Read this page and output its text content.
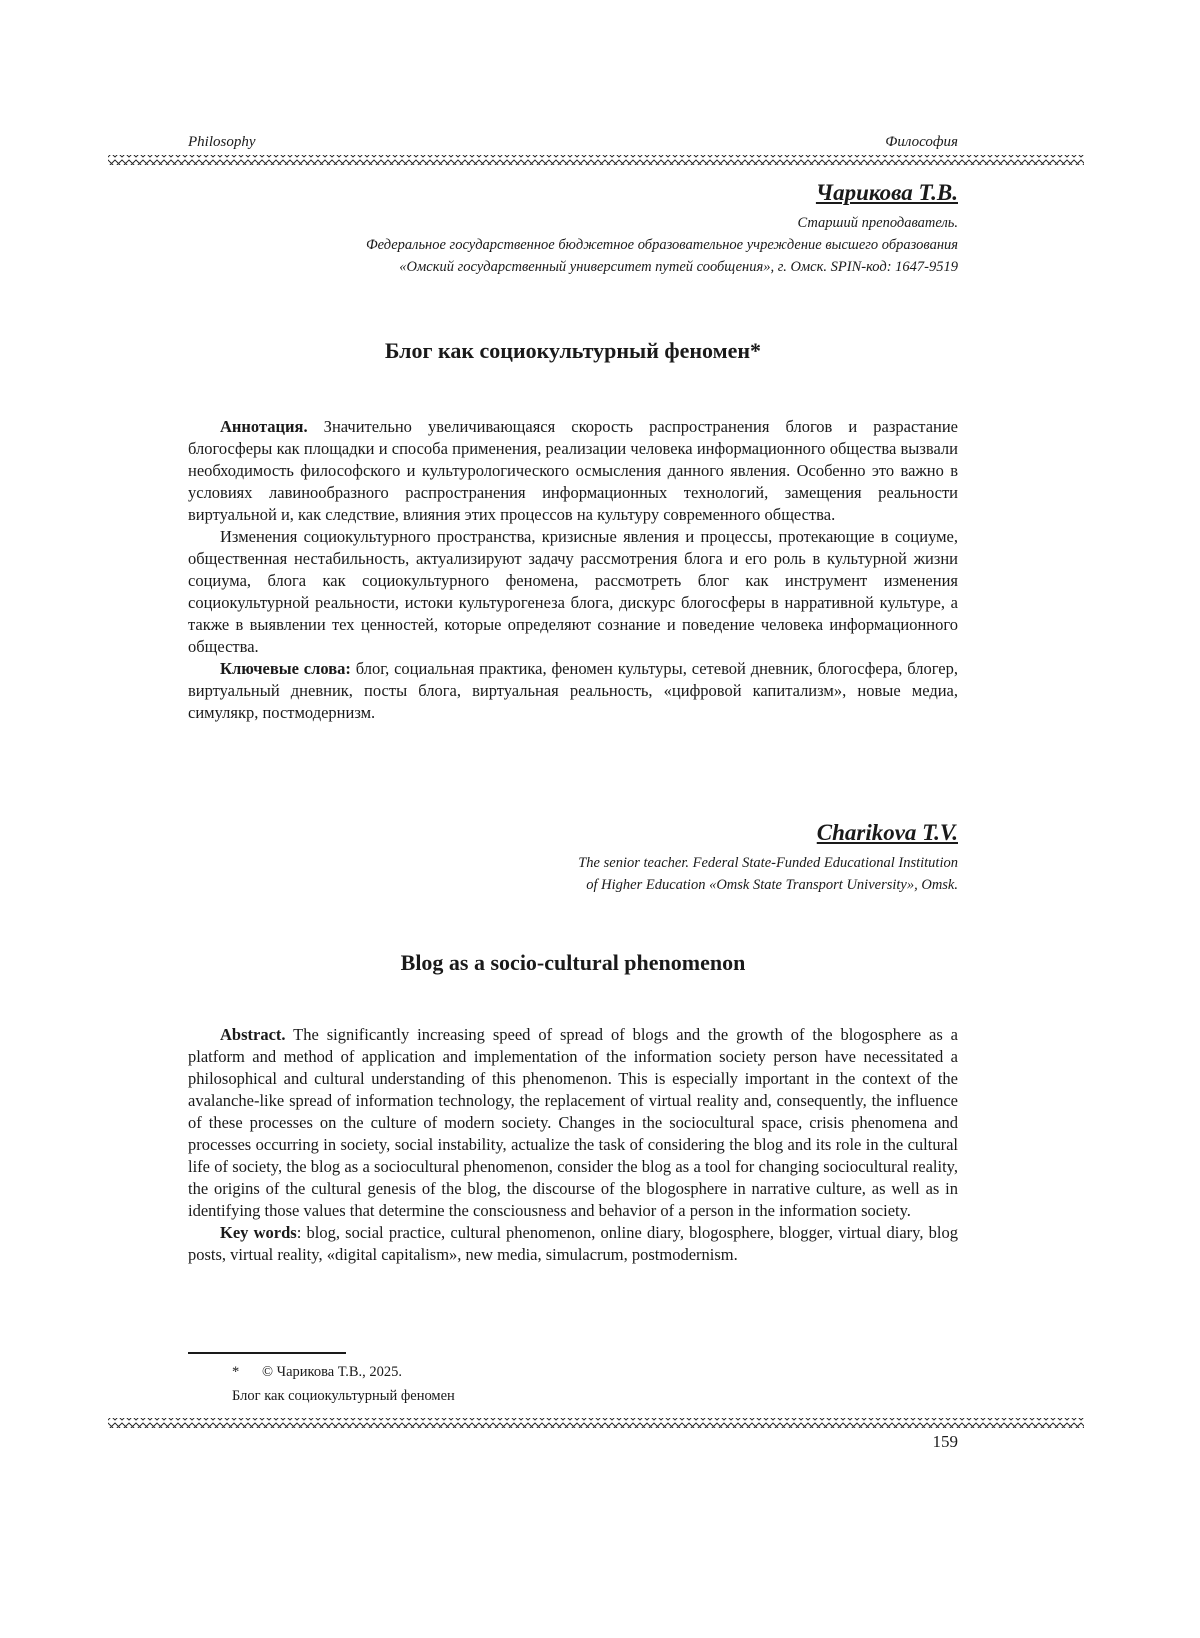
Philosophy	Философия
Чарикова Т.В.
Старший преподаватель.
Федеральное государственное бюджетное образовательное учреждение высшего образования
«Омский государственный университет путей сообщения», г. Омск. SPIN-код: 1647-9519
Блог как социокультурный феномен*

Аннотация. Значительно увеличивающаяся скорость распространения блогов и разрастание блогосферы как площадки и способа применения, реализации человека информационного общества вызвали необходимость философского и культурологического осмысления данного явления. Особенно это важно в условиях лавинообразного распространения информационных технологий, замещения реальности виртуальной и, как следствие, влияния этих процессов на культуру современного общества.

Изменения социокультурного пространства, кризисные явления и процессы, протекающие в социуме, общественная нестабильность, актуализируют задачу рассмотрения блога и его роль в культурной жизни социума, блога как социокультурного феномена, рассмотреть блог как инструмент изменения социокультурной реальности, истоки культурогенеза блога, дискурс блогосферы в нарративной культуре, а также в выявлении тех ценностей, которые определяют сознание и поведение человека информационного общества.

Ключевые слова: блог, социальная практика, феномен культуры, сетевой дневник, блогосфера, блогер, виртуальный дневник, посты блога, виртуальная реальность, «цифровой капитализм», новые медиа, симулякр, постмодернизм.

Charikova T.V.
The senior teacher. Federal State-Funded Educational Institution
of Higher Education «Omsk State Transport University», Omsk.
Blog as a socio-cultural phenomenon

Abstract. The significantly increasing speed of spread of blogs and the growth of the blogosphere as a platform and method of application and implementation of the information society person have necessitated a philosophical and cultural understanding of this phenomenon. This is especially important in the context of the avalanche-like spread of information technology, the replacement of virtual reality and, consequently, the influence of these processes on the culture of modern society. Changes in the sociocultural space, crisis phenomena and processes occurring in society, social instability, actualize the task of considering the blog and its role in the cultural life of society, the blog as a sociocultural phenomenon, consider the blog as a tool for changing sociocultural reality, the origins of the cultural genesis of the blog, the discourse of the blogosphere in narrative culture, as well as in identifying those values that determine the consciousness and behavior of a person in the information society.

Key words: blog, social practice, cultural phenomenon, online diary, blogosphere, blogger, virtual diary, blog posts, virtual reality, «digital capitalism», new media, simulacrum, postmodernism.

* © Чарикова Т.В., 2025.
Блог как социокультурный феномен
159
